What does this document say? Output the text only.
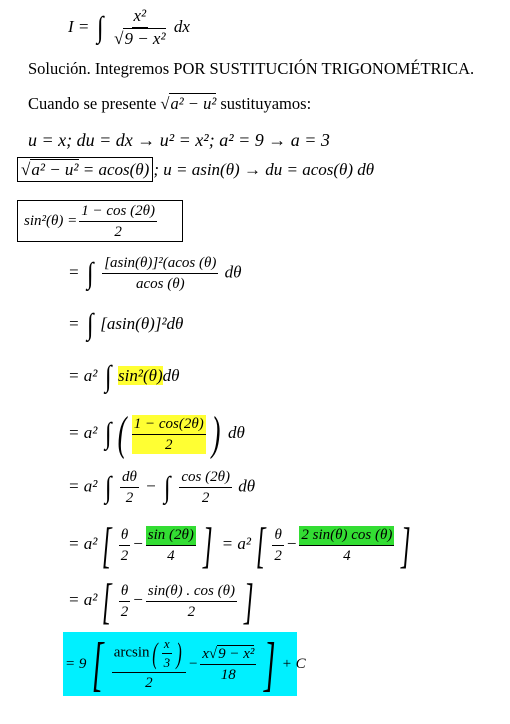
I = ∫ $\frac{\text{x²}}{\text{√9 − x²}}$ dx
Solución. Integremos POR SUSTITUCIÓN TRIGONOMÉTRICA.
Cuando se presente √a² − u² sustituyamos:
u = x; du = dx → u² = x²; a² = 9 → a = 3
√a² − u² = acos(θ) ; u = asin(θ) → du = acos(θ) dθ
$\sin^2(\theta) = \frac{1 - \cos (2\theta)}{2}$
= ∫ $\frac{\text{[asin(θ)]²(acos (θ)}}{acos (\theta)}$ dθ
= ∫ [asin(θ)]²dθ
= a² ∫ sin²(θ)dθ
= a² ∫ ( $\frac{1 - \cos(2\theta)}{2}$ ) dθ
= a² ∫ $\frac{d\theta}{2}$ − ∫ $\frac{\cos (2\theta)}{2}$ dθ
= $a^2[ \frac{\theta}{2} - \frac{\sin (2\theta)}{4}$ ] = $a^2[ \frac{\theta}{2} - \frac{2 \sin(\theta) \cos (\theta)}{4}$ ]
= $a^2[ \frac{\theta}{2} - \frac{\sin(\theta) . \cos (\theta)}{2}$ ]
= 9 [ $\frac{\arcsin( \frac{x}{3} )}{2} - \frac{\text{x√9 − x²}}{18}$ ] + C
